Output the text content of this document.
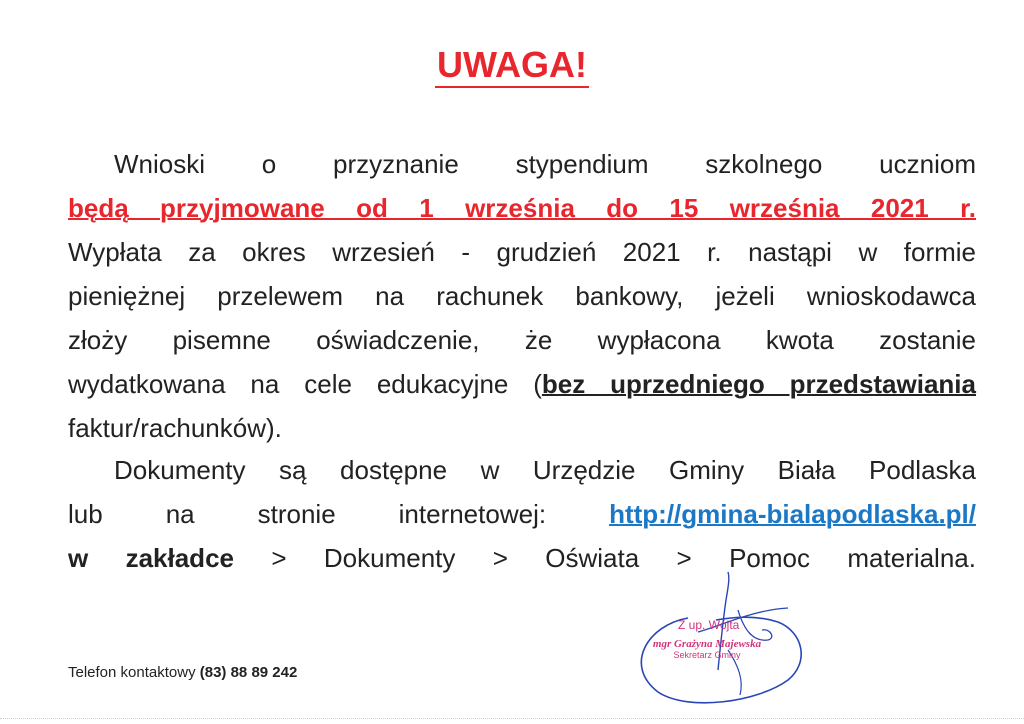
UWAGA!
Wnioski o przyznanie stypendium szkolnego uczniom
będą przyjmowane od 1 września do 15 września 2021 r.
Wypłata za okres wrzesień - grudzień 2021 r. nastąpi w formie
pieniężnej przelewem na rachunek bankowy, jeżeli wnioskodawca
złoży pisemne oświadczenie, że wypłacona kwota zostanie
wydatkowana na cele edukacyjne (bez uprzedniego przedstawiania
faktur/rachunków).
Dokumenty są dostępne w Urzędzie Gminy Biała Podlaska
lub na stronie internetowej: http://gmina-bialapodlaska.pl/
w zakładce > Dokumenty > Oświata > Pomoc materialna.
Telefon kontaktowy (83) 88 89 242
Z up. Wójta
mgr Grażyna Majewska
Sekretarz Gminy
